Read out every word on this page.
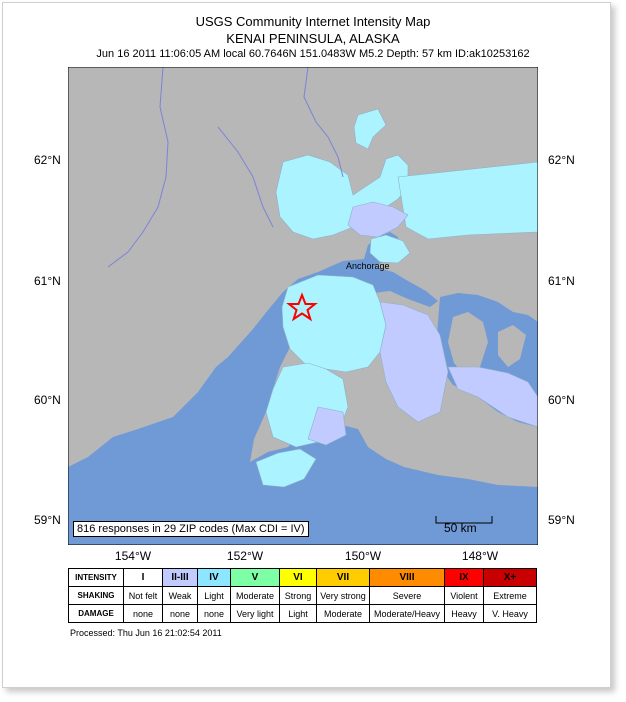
USGS Community Internet Intensity Map
KENAI PENINSULA, ALASKA
Jun 16 2011 11:06:05 AM local 60.7646N 151.0483W M5.2 Depth: 57 km ID:ak10253162
62°N
61°N
60°N
59°N
62°N
61°N
60°N
59°N
154°W	152°W	150°W	148°W
Anchorage
816 responses in 29 ZIP codes (Max CDI = IV)	50 km
INTENSITY	I	II-III	IV	V	VI	VII	VIII	IX	X+
SHAKING	Not felt	Weak	Light	Moderate	Strong	Very strong	Severe	Violent	Extreme
DAMAGE	none	none	none	Very light	Light	Moderate	Moderate/Heavy	Heavy	V. Heavy
Processed: Thu Jun 16 21:02:54 2011
